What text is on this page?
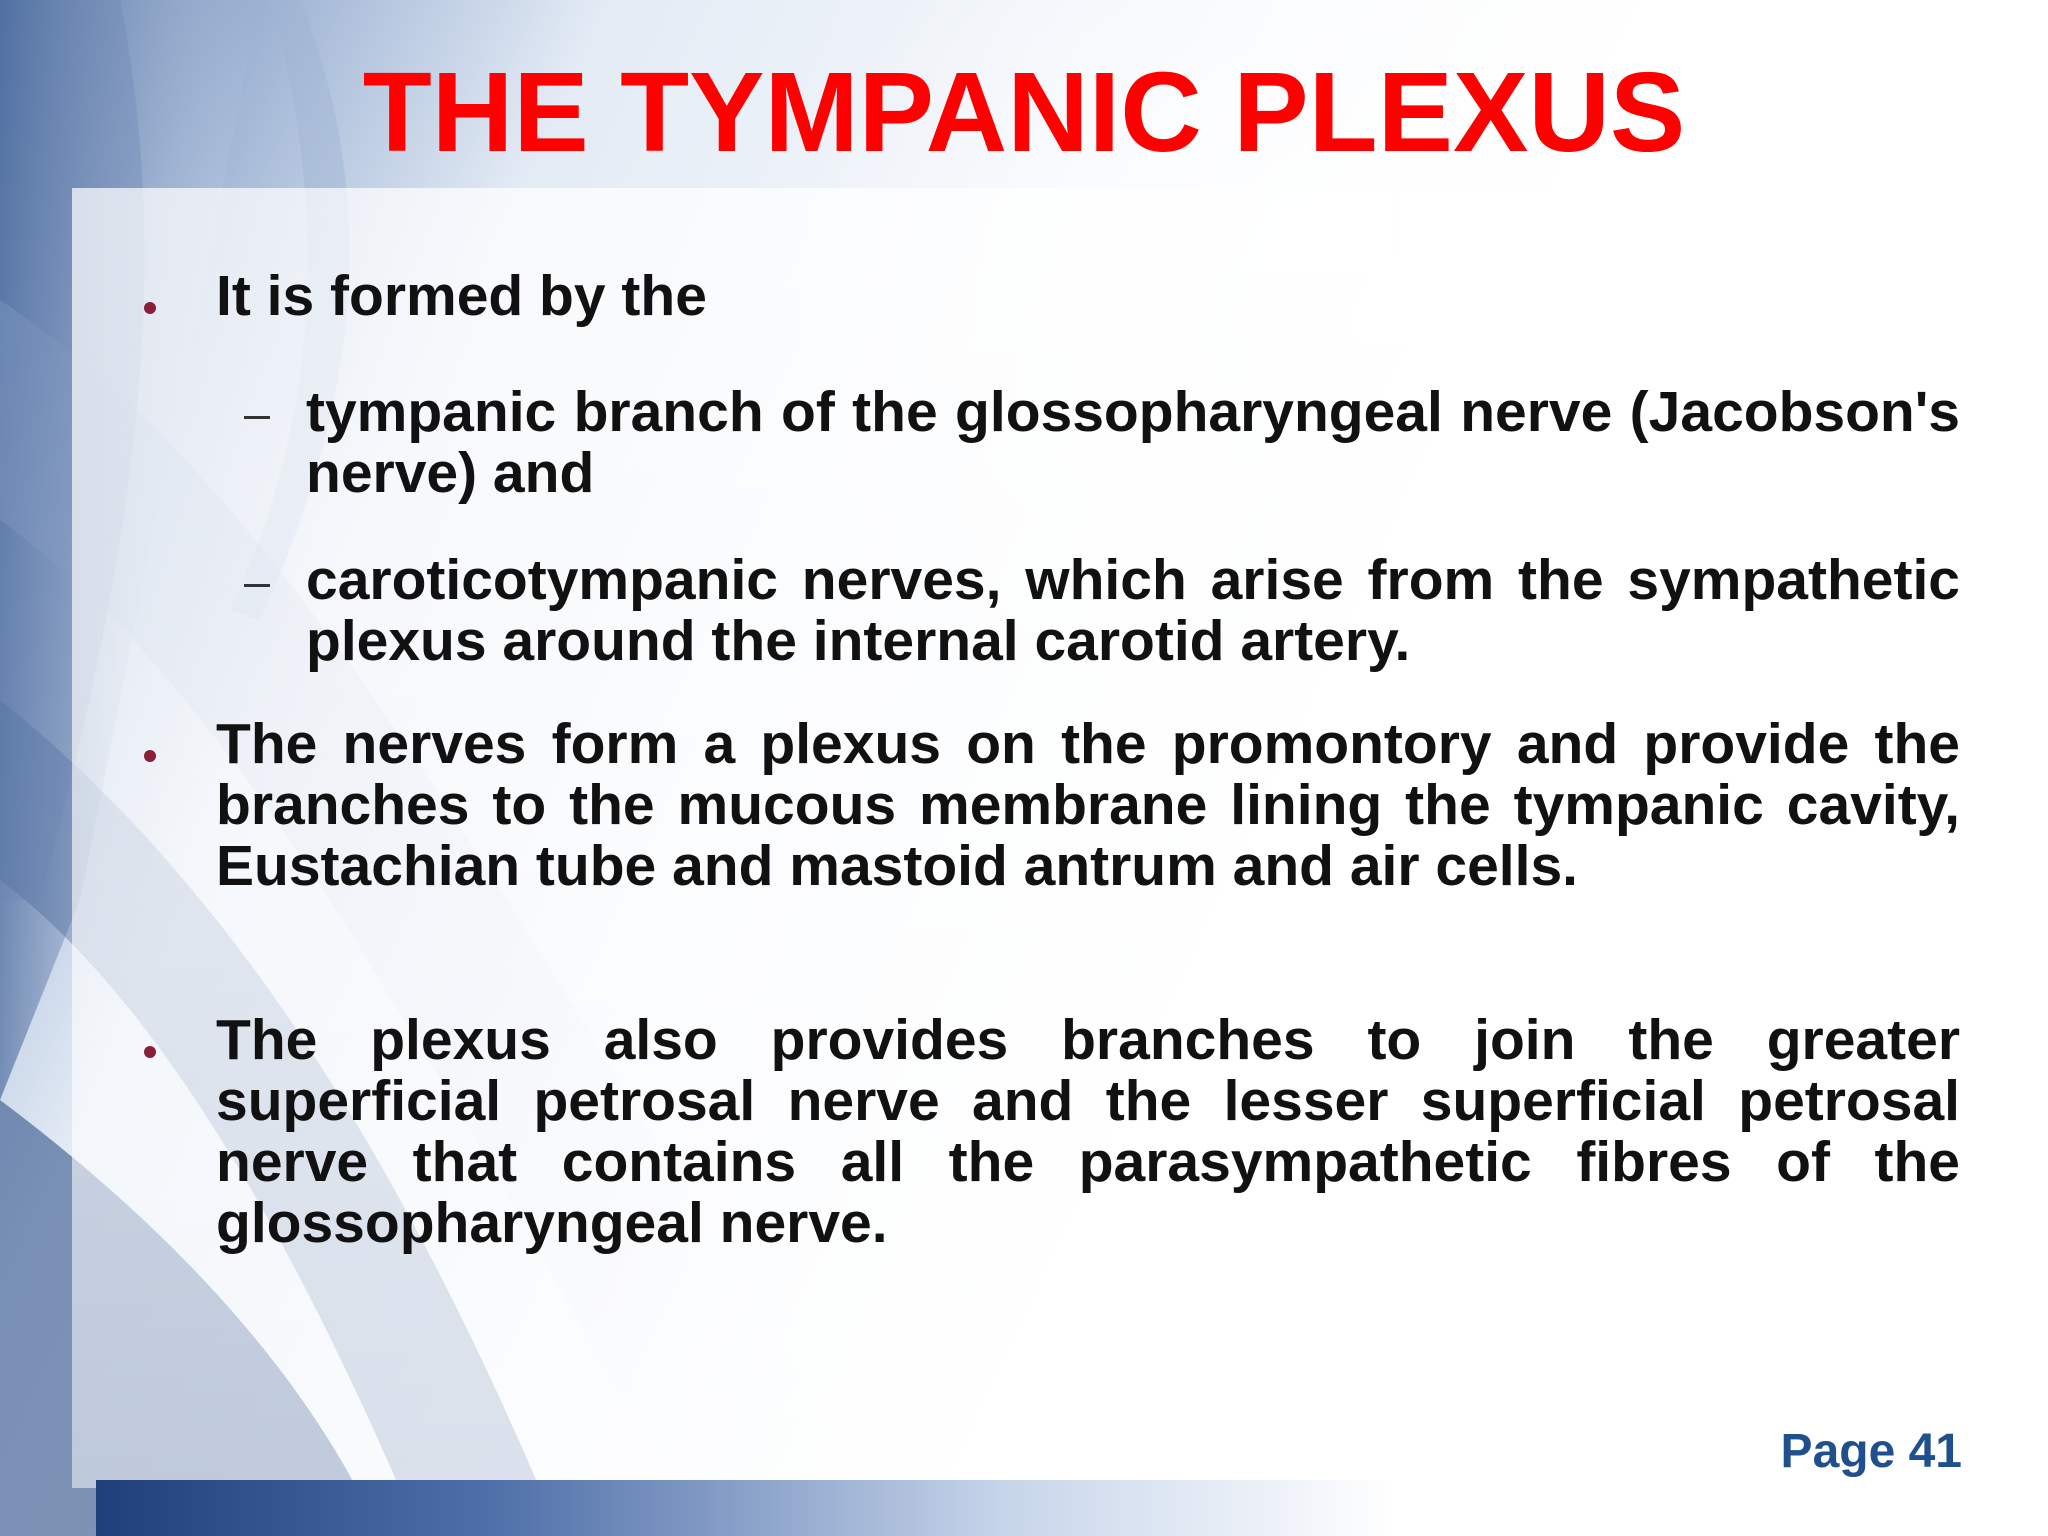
THE TYMPANIC PLEXUS

It is formed by the

tympanic branch of the glossopharyngeal nerve (Jacobson's nerve) and

caroticotympanic nerves, which arise from the sympathetic plexus around the internal carotid artery.

The nerves form a plexus on the promontory and provide the branches to the mucous membrane lining the tympanic cavity, Eustachian tube and mastoid antrum and air cells.

The plexus also provides branches to join the greater superficial petrosal nerve and the lesser superficial petrosal nerve that contains all the parasympathetic fibres of the glossopharyngeal nerve.

Page 41
